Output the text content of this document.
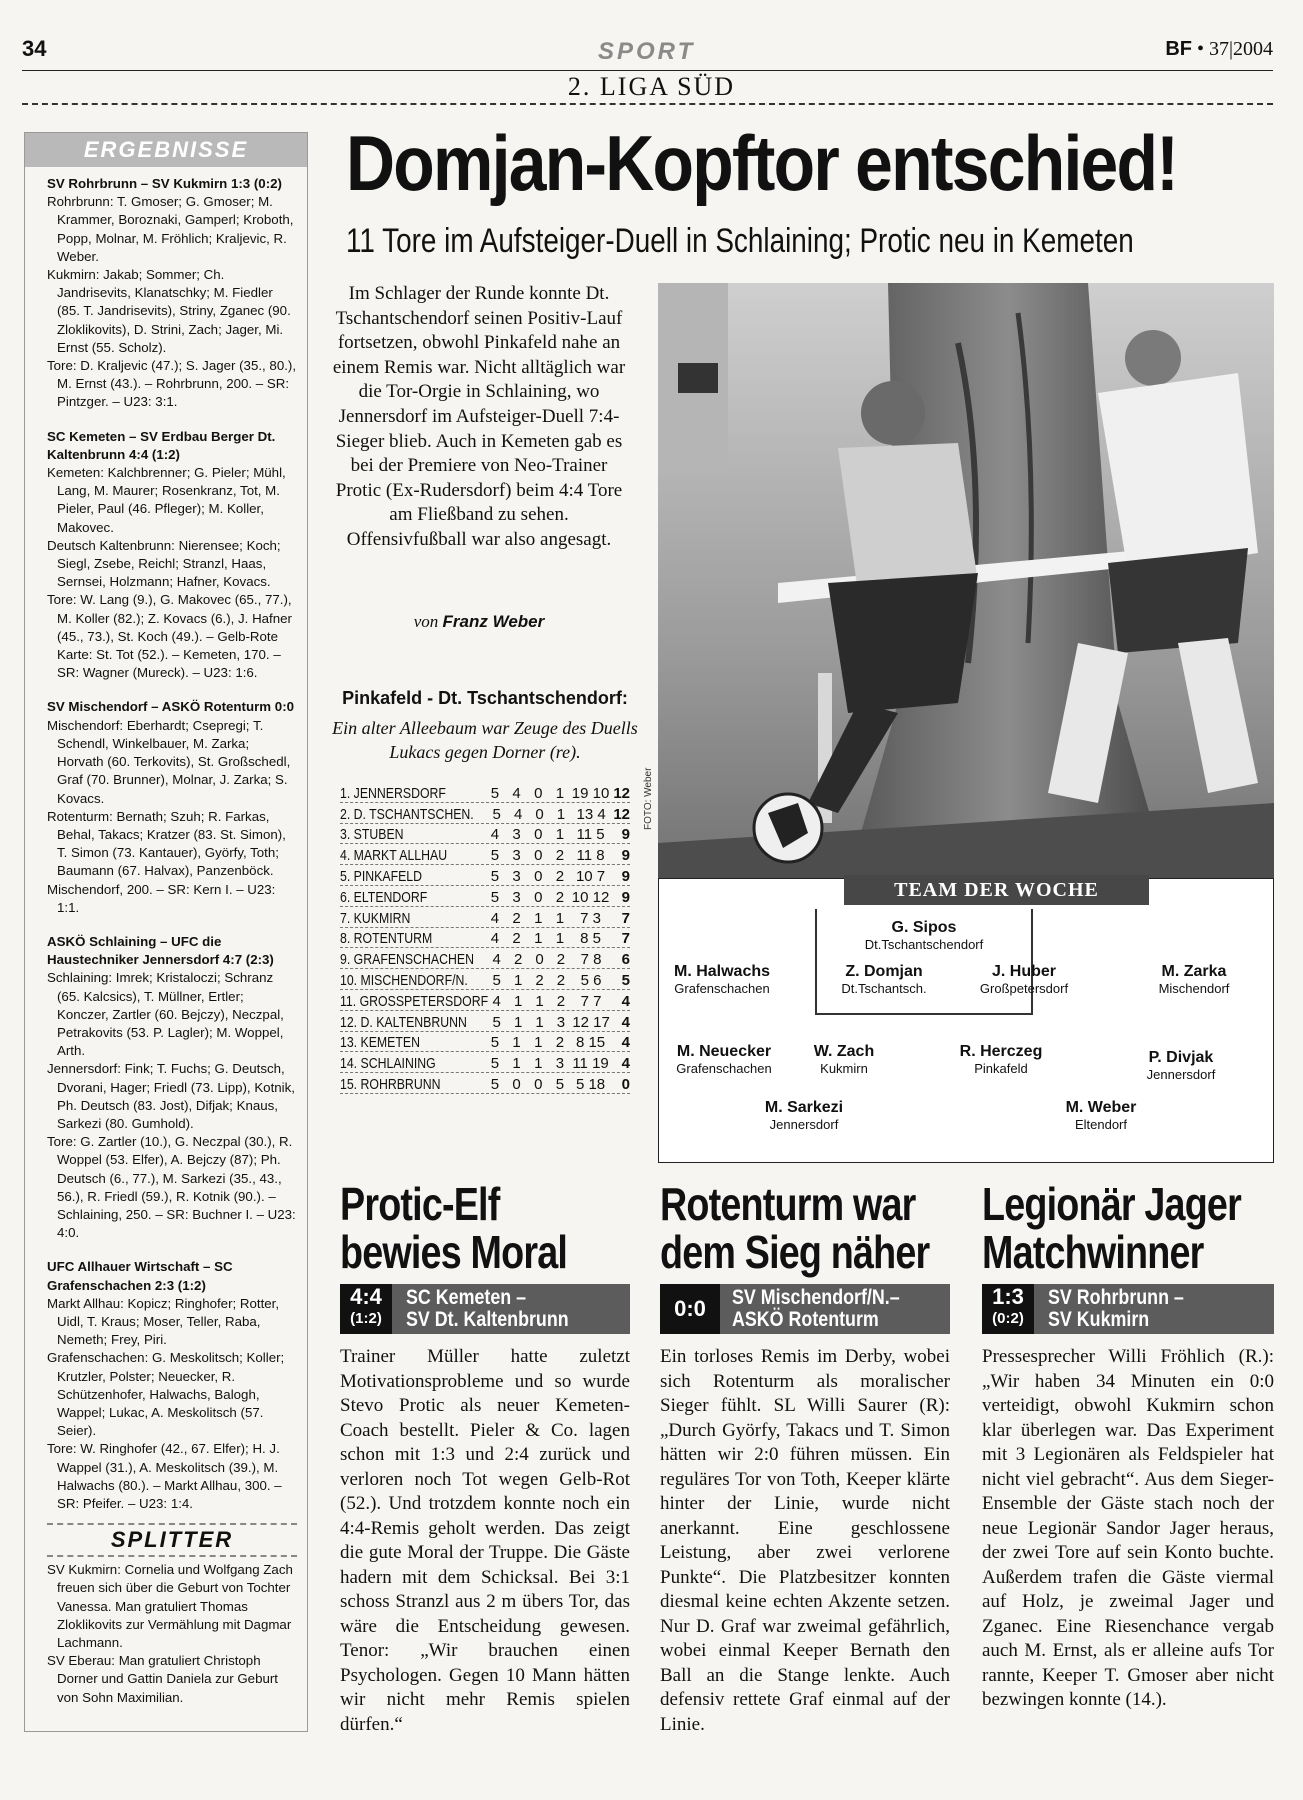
34	SPORT	BF • 37|2004
2. LIGA SÜD
ERGEBNISSE

SV Rohrbrunn – SV Kukmirn 1:3 (0:2)

Rohrbrunn: T. Gmoser; G. Gmoser; M. Krammer, Boroznaki, Gamperl; Kroboth, Popp, Molnar, M. Fröhlich; Kraljevic, R. Weber.

Kukmirn: Jakab; Sommer; Ch. Jandrisevits, Klanatschky; M. Fiedler (85. T. Jandrisevits), Striny, Zganec (90. Zloklikovits), D. Strini, Zach; Jager, Mi. Ernst (55. Scholz).

Tore: D. Kraljevic (47.); S. Jager (35., 80.), M. Ernst (43.). – Rohrbrunn, 200. – SR: Pintzger. – U23: 3:1.

SC Kemeten – SV Erdbau Berger Dt. Kaltenbrunn 4:4 (1:2)

Kemeten: Kalchbrenner; G. Pieler; Mühl, Lang, M. Maurer; Rosenkranz, Tot, M. Pieler, Paul (46. Pfleger); M. Koller, Makovec.

Deutsch Kaltenbrunn: Nierensee; Koch; Siegl, Zsebe, Reichl; Stranzl, Haas, Sernsei, Holzmann; Hafner, Kovacs.

Tore: W. Lang (9.), G. Makovec (65., 77.), M. Koller (82.); Z. Kovacs (6.), J. Hafner (45., 73.), St. Koch (49.). – Gelb-Rote Karte: St. Tot (52.). – Kemeten, 170. – SR: Wagner (Mureck). – U23: 1:6.

SV Mischendorf – ASKÖ Rotenturm 0:0

Mischendorf: Eberhardt; Csepregi; T. Schendl, Winkelbauer, M. Zarka; Horvath (60. Terkovits), St. Großschedl, Graf (70. Brunner), Molnar, J. Zarka; S. Kovacs.

Rotenturm: Bernath; Szuh; R. Farkas, Behal, Takacs; Kratzer (83. St. Simon), T. Simon (73. Kantauer), Györfy, Toth; Baumann (67. Halvax), Panzenböck.

Mischendorf, 200. – SR: Kern I. – U23: 1:1.

ASKÖ Schlaining – UFC die Haustechniker Jennersdorf 4:7 (2:3)

Schlaining: Imrek; Kristaloczi; Schranz (65. Kalcsics), T. Müllner, Ertler; Konczer, Zartler (60. Bejczy), Neczpal, Petrakovits (53. P. Lagler); M. Woppel, Arth.

Jennersdorf: Fink; T. Fuchs; G. Deutsch, Dvorani, Hager; Friedl (73. Lipp), Kotnik, Ph. Deutsch (83. Jost), Difjak; Knaus, Sarkezi (80. Gumhold).

Tore: G. Zartler (10.), G. Neczpal (30.), R. Woppel (53. Elfer), A. Bejczy (87); Ph. Deutsch (6., 77.), M. Sarkezi (35., 43., 56.), R. Friedl (59.), R. Kotnik (90.). – Schlaining, 250. – SR: Buchner I. – U23: 4:0.

UFC Allhauer Wirtschaft – SC Grafenschachen 2:3 (1:2)

Markt Allhau: Kopicz; Ringhofer; Rotter, Uidl, T. Kraus; Moser, Teller, Raba, Nemeth; Frey, Piri.

Grafenschachen: G. Meskolitsch; Koller; Krutzler, Polster; Neuecker, R. Schützenhofer, Halwachs, Balogh, Wappel; Lukac, A. Meskolitsch (57. Seier).

Tore: W. Ringhofer (42., 67. Elfer); H. J. Wappel (31.), A. Meskolitsch (39.), M. Halwachs (80.). – Markt Allhau, 300. – SR: Pfeifer. – U23: 1:4.

SPLITTER

SV Kukmirn: Cornelia und Wolfgang Zach freuen sich über die Geburt von Tochter Vanessa. Man gratuliert Thomas Zloklikovits zur Vermählung mit Dagmar Lachmann.

SV Eberau: Man gratuliert Christoph Dorner und Gattin Daniela zur Geburt von Sohn Maximilian.

Domjan-Kopftor entschied!
11 Tore im Aufsteiger-Duell in Schlaining; Protic neu in Kemeten
Im Schlager der Runde konnte Dt. Tschantschendorf seinen Positiv-Lauf fortsetzen, obwohl Pinkafeld nahe an einem Remis war. Nicht alltäglich war die Tor-Orgie in Schlaining, wo Jennersdorf im Aufsteiger-Duell 7:4-Sieger blieb. Auch in Kemeten gab es bei der Premiere von Neo-Trainer Protic (Ex-Rudersdorf) beim 4:4 Tore am Fließband zu sehen. Offensivfußball war also angesagt.
von Franz Weber
Pinkafeld - Dt. Tschantschendorf:
Ein alter Alleebaum war Zeuge des Duells Lukacs gegen Dorner (re).
1. JENNERSDORF	5 4 0 1 19 10 12
2. D. TSCHANTSCHEN.	5 4 0 1 13 4 12
3. STUBEN	4 3 0 1 11 5	9
4. MARKT ALLHAU	5 3 0 2 11 8	9
5. PINKAFELD	5 3 0 2 10 7	9
6. ELTENDORF	5 3 0 2 10 12 9
7. KUKMIRN	4 2 1 1	7 3	7
8. ROTENTURM	4 2 1 1	8 5	7
9. GRAFENSCHACHEN	4 2 0 2	7 8	6
10. MISCHENDORF/N.	5 1 2 2	5 6	5
11. GROSSPETERSDORF 4 1 1 2	7 7	4
12. D. KALTENBRUNN	5 1 1 3 12 17 4
13. KEMETEN	5 1 1 2 8 15	4
14. SCHLAINING	5 1 1 3 11 19 4
15. ROHRBRUNN	5 0 0 5 5 18	0
FOTO: Weber
TEAM DER WOCHE
G. Sipos
Dt.Tschantschendorf
M. Halwachs
Grafenschachen
Z. Domjan
Dt.Tschantsch.
J. Huber
Großpetersdorf
M. Zarka
Mischendorf
M. Neuecker
Grafenschachen
W. Zach
Kukmirn
R. Herczeg
Pinkafeld
P. Divjak
Jennersdorf
M. Sarkezi
Jennersdorf
M. Weber
Eltendorf
Protic-Elf
bewies Moral
4:4
(1:2)
SC Kemeten –
SV Dt. Kaltenbrunn
Trainer Müller hatte zuletzt Motivationsprobleme und so wurde Stevo Protic als neuer Kemeten-Coach bestellt. Pieler & Co. lagen schon mit 1:3 und 2:4 zurück und verloren noch Tot wegen Gelb-Rot (52.). Und trotzdem konnte noch ein 4:4-Remis geholt werden. Das zeigt die gute Moral der Truppe. Die Gäste hadern mit dem Schicksal. Bei 3:1 schoss Stranzl aus 2 m übers Tor, das wäre die Entscheidung gewesen. Tenor: „Wir brauchen einen Psychologen. Gegen 10 Mann hätten wir nicht mehr Remis spielen dürfen.“
Rotenturm war
dem Sieg näher
0:0	SV Mischendorf/N.–
ASKÖ Rotenturm
Ein torloses Remis im Derby, wobei sich Rotenturm als moralischer Sieger fühlt. SL Willi Saurer (R): „Durch Györfy, Takacs und T. Simon hätten wir 2:0 führen müssen. Ein reguläres Tor von Toth, Keeper klärte hinter der Linie, wurde nicht anerkannt. Eine geschlossene Leistung, aber zwei verlorene Punkte“. Die Platzbesitzer konnten diesmal keine echten Akzente setzen. Nur D. Graf war zweimal gefährlich, wobei einmal Keeper Bernath den Ball an die Stange lenkte. Auch defensiv rettete Graf einmal auf der Linie.
Legionär Jager
Matchwinner
1:3
(0:2)
SV Rohrbrunn –
SV Kukmirn
Pressesprecher Willi Fröhlich (R.): „Wir haben 34 Minuten ein 0:0 verteidigt, obwohl Kukmirn schon klar überlegen war. Das Experiment mit 3 Legionären als Feldspieler hat nicht viel gebracht“. Aus dem Sieger-Ensemble der Gäste stach noch der neue Legionär Sandor Jager heraus, der zwei Tore auf sein Konto buchte. Außerdem trafen die Gäste viermal auf Holz, je zweimal Jager und Zganec. Eine Riesenchance vergab auch M. Ernst, als er alleine aufs Tor rannte, Keeper T. Gmoser aber nicht bezwingen konnte (14.).
